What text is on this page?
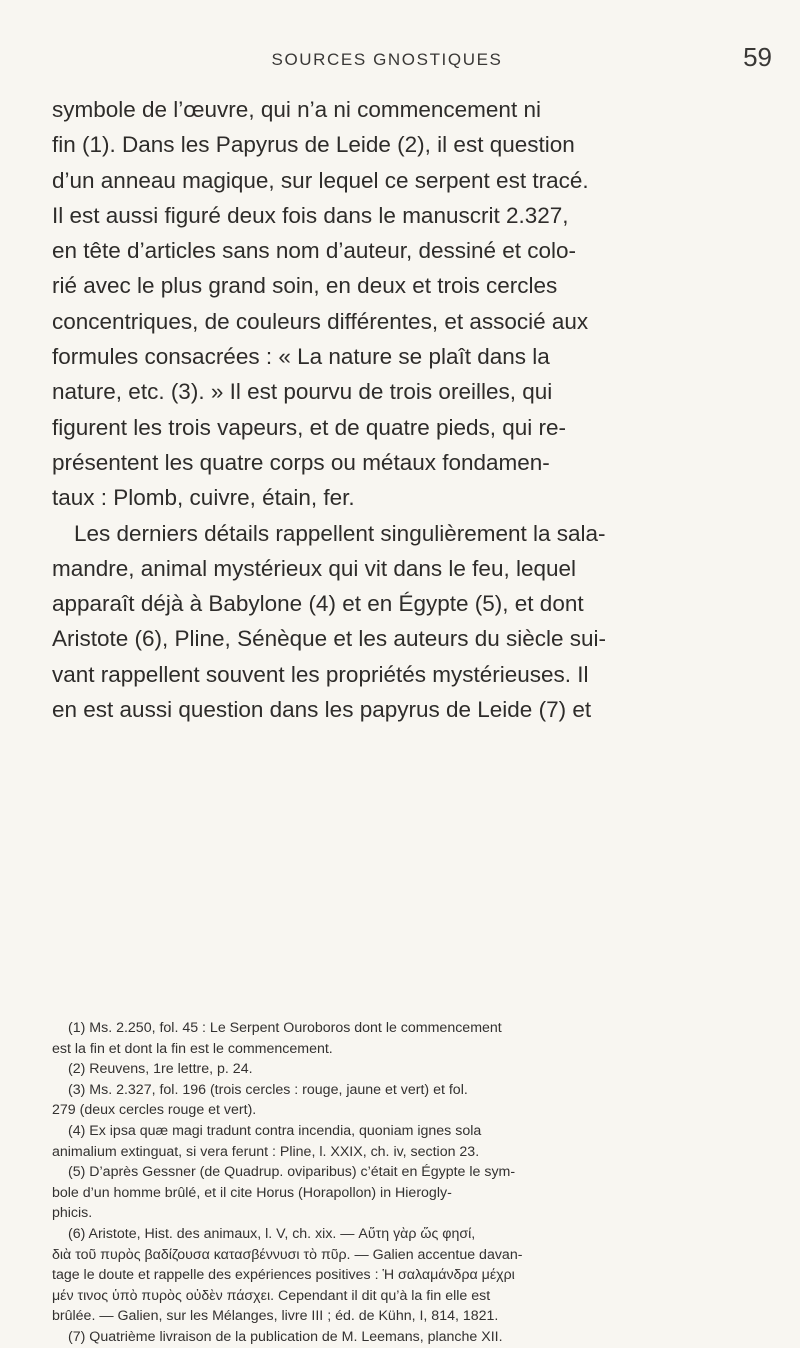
SOURCES GNOSTIQUES	59
symbole de l’œuvre, qui n’a ni commencement ni
fin (1). Dans les Papyrus de Leide (2), il est question
d’un anneau magique, sur lequel ce serpent est tracé.
Il est aussi figuré deux fois dans le manuscrit 2.327,
en tête d’articles sans nom d’auteur, dessiné et colo-
rié avec le plus grand soin, en deux et trois cercles
concentriques, de couleurs différentes, et associé aux
formules consacrées : « La nature se plaît dans la
nature, etc. (3). » Il est pourvu de trois oreilles, qui
figurent les trois vapeurs, et de quatre pieds, qui re-
présentent les quatre corps ou métaux fondamen-
taux : Plomb, cuivre, étain, fer.
Les derniers détails rappellent singulièrement la sala-
mandre, animal mystérieux qui vit dans le feu, lequel
apparaît déjà à Babylone (4) et en Égypte (5), et dont
Aristote (6), Pline, Sénèque et les auteurs du siècle sui-
vant rappellent souvent les propriétés mystérieuses. Il
en est aussi question dans les papyrus de Leide (7) et
(1) Ms. 2.250, fol. 45 : Le Serpent Ouroboros dont le commencement
est la fin et dont la fin est le commencement.
(2) Reuvens, 1re lettre, p. 24.
(3) Ms. 2.327, fol. 196 (trois cercles : rouge, jaune et vert) et fol.
279 (deux cercles rouge et vert).
(4) Ex ipsa quæ magi tradunt contra incendia, quoniam ignes sola
animalium extinguat, si vera ferunt : Pline, l. XXIX, ch. iv, section 23.
(5) D’après Gessner (de Quadrup. oviparibus) c’était en Égypte le sym-
bole d’un homme brûlé, et il cite Horus (Horapollon) in Hierogly-
phicis.
(6) Aristote, Hist. des animaux, l. V, ch. xix. — Αὕτη γὰρ ὥς φησί,
διὰ τοῦ πυρὸς βαδίζουσα κατασβέννυσι τὸ πῦρ. — Galien accentue davan-
tage le doute et rappelle des expériences positives : Ἡ σαλαμάνδρα μέχρι
μέν τινος ὑπὸ πυρὸς οὐδὲν πάσχει. Cependant il dit qu’à la fin elle est
brûlée. — Galien, sur les Mélanges, livre III ; éd. de Kühn, I, 814, 1821.
(7) Quatrième livraison de la publication de M. Leemans, planche XII.
